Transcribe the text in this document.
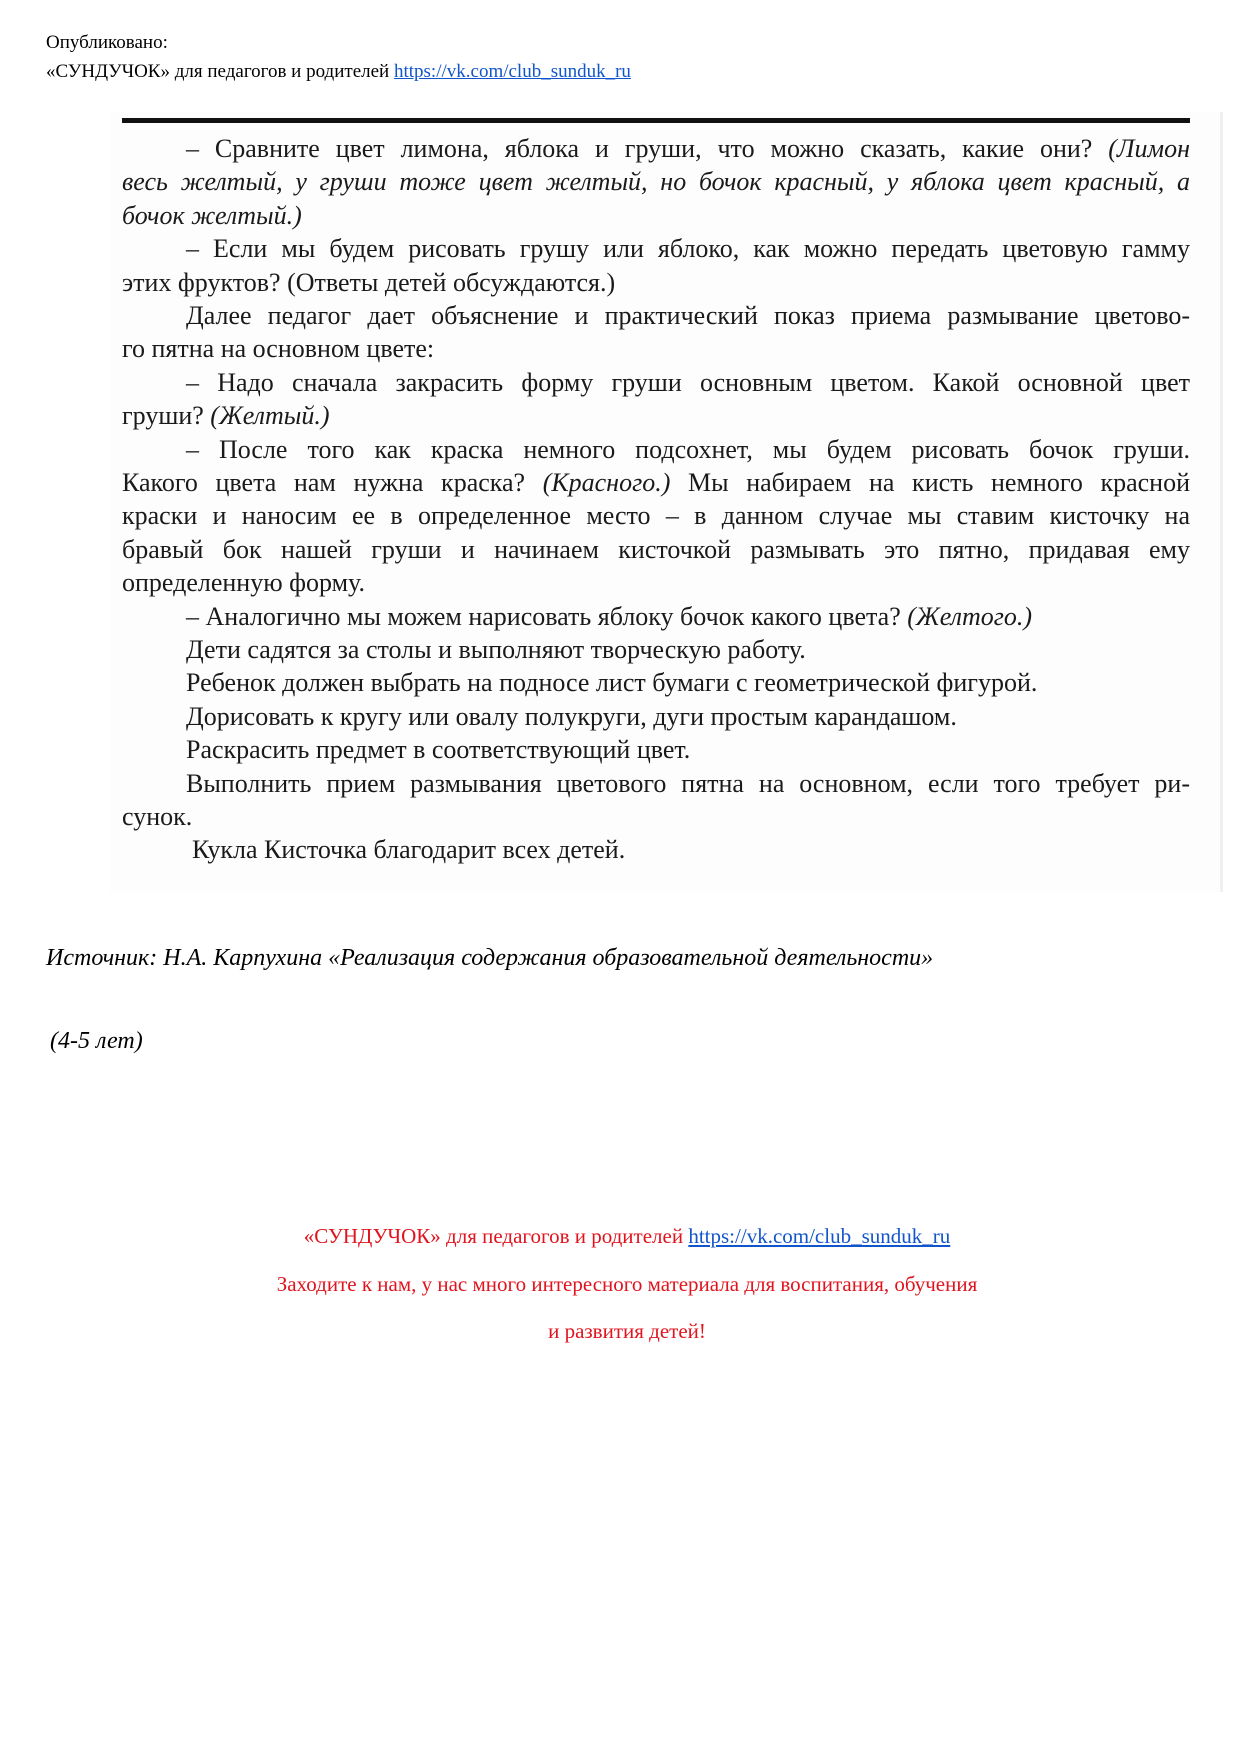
Опубликовано:
«СУНДУЧОК» для педагогов и родителей https://vk.com/club_sunduk_ru
– Сравните цвет лимона, яблока и груши, что можно сказать, какие они? (Лимон
весь желтый, у груши тоже цвет желтый, но бочок красный, у яблока цвет красный, а
бочок желтый.)
– Если мы будем рисовать грушу или яблоко, как можно передать цветовую гамму
этих фруктов? (Ответы детей обсуждаются.)
Далее педагог дает объяснение и практический показ приема размывание цветово-
го пятна на основном цвете:
– Надо сначала закрасить форму груши основным цветом. Какой основной цвет
груши? (Желтый.)
– После того как краска немного подсохнет, мы будем рисовать бочок груши.
Какого цвета нам нужна краска? (Красного.) Мы набираем на кисть немного красной
краски и наносим ее в определенное место – в данном случае мы ставим кисточку на
бравый бок нашей груши и начинаем кисточкой размывать это пятно, придавая ему
определенную форму.
– Аналогично мы можем нарисовать яблоку бочок какого цвета? (Желтого.)
Дети садятся за столы и выполняют творческую работу.
Ребенок должен выбрать на подносе лист бумаги с геометрической фигурой.
Дорисовать к кругу или овалу полукруги, дуги простым карандашом.
Раскрасить предмет в соответствующий цвет.
Выполнить прием размывания цветового пятна на основном, если того требует ри-
сунок.
Кукла Кисточка благодарит всех детей.
Источник: Н.А. Карпухина «Реализация содержания образовательной деятельности»
(4-5 лет)
«СУНДУЧОК» для педагогов и родителей https://vk.com/club_sunduk_ru
Заходите к нам, у нас много интересного материала для воспитания, обучения
и развития детей!
